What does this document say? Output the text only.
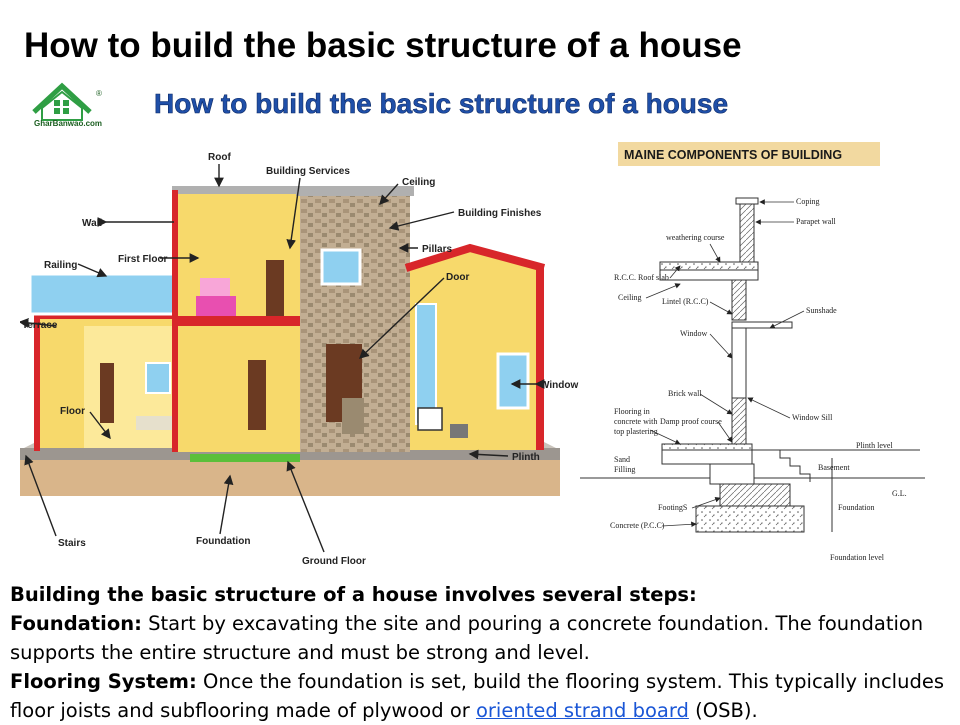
How to build the basic structure of a house
GharBanwao.com
® How to build the basic structure of a house
Roof
Building Services
Ceiling
Building Finishes
Wall
First Floor
Pillars
Railing
Door
Terrace
Window
Floor
Plinth
Stairs	Foundation
Ground Floor
MAINE COMPONENTS OF BUILDING
Coping
Parapet wall
weathering course
R.C.C. Roof slab
Ceiling	Lintel (R.C.C)
Sunshade
Window
Brick wall
Flooring in
concrete with
top plastering
Damp proof course	Window Sill
Plinth level
Sand
Filling	Basement
G.L.
FootingS	Foundation
Concrete (P.C.C)
Foundation level

Building the basic structure of a house involves several steps:

Foundation: Start by excavating the site and pouring a concrete foundation. The foundation supports the entire structure and must be strong and level.

Flooring System: Once the foundation is set, build the flooring system. This typically includes floor joists and subflooring made of plywood or oriented strand board (OSB).
